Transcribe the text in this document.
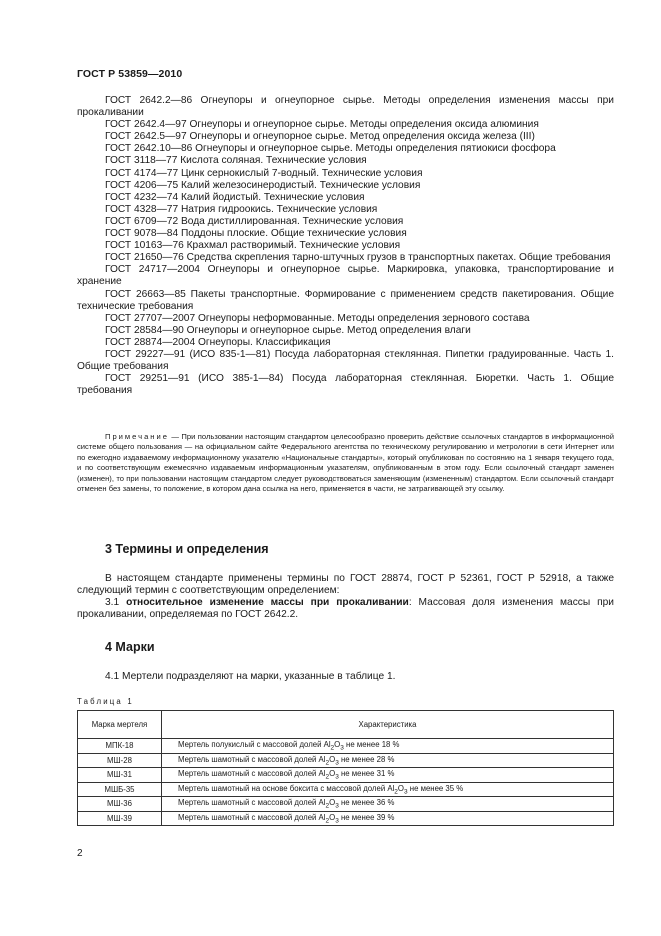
ГОСТ Р 53859—2010

ГОСТ 2642.2—86 Огнеупоры и огнеупорное сырье. Методы определения изменения массы при прокаливании

ГОСТ 2642.4—97 Огнеупоры и огнеупорное сырье. Методы определения оксида алюминия

ГОСТ 2642.5—97 Огнеупоры и огнеупорное сырье. Метод определения оксида железа (III)

ГОСТ 2642.10—86 Огнеупоры и огнеупорное сырье. Методы определения пятиокиси фосфора

ГОСТ 3118—77 Кислота соляная. Технические условия

ГОСТ 4174—77 Цинк сернокислый 7-водный. Технические условия

ГОСТ 4206—75 Калий железосинеродистый. Технические условия

ГОСТ 4232—74 Калий йодистый. Технические условия

ГОСТ 4328—77 Натрия гидроокись. Технические условия

ГОСТ 6709—72 Вода дистиллированная. Технические условия

ГОСТ 9078—84 Поддоны плоские. Общие технические условия

ГОСТ 10163—76 Крахмал растворимый. Технические условия

ГОСТ 21650—76 Средства скрепления тарно-штучных грузов в транспортных пакетах. Общие требования

ГОСТ 24717—2004 Огнеупоры и огнеупорное сырье. Маркировка, упаковка, транспортирование и хранение

ГОСТ 26663—85 Пакеты транспортные. Формирование с применением средств пакетирования. Общие технические требования

ГОСТ 27707—2007 Огнеупоры неформованные. Методы определения зернового состава

ГОСТ 28584—90 Огнеупоры и огнеупорное сырье. Метод определения влаги

ГОСТ 28874—2004 Огнеупоры. Классификация

ГОСТ 29227—91 (ИСО 835-1—81) Посуда лабораторная стеклянная. Пипетки градуированные. Часть 1. Общие требования

ГОСТ 29251—91 (ИСО 385-1—84) Посуда лабораторная стеклянная. Бюретки. Часть 1. Общие требования

Примечание — При пользовании настоящим стандартом целесообразно проверить действие ссылочных стандартов в информационной системе общего пользования — на официальном сайте Федерального агентства по техническому регулированию и метрологии в сети Интернет или по ежегодно издаваемому информационному указателю «Национальные стандарты», который опубликован по состоянию на 1 января текущего года, и по соответствующим ежемесячно издаваемым информационным указателям, опубликованным в этом году. Если ссылочный стандарт заменен (изменен), то при пользовании настоящим стандартом следует руководствоваться заменяющим (измененным) стандартом. Если ссылочный стандарт отменен без замены, то положение, в котором дана ссылка на него, применяется в части, не затрагивающей эту ссылку.

3 Термины и определения

В настоящем стандарте применены термины по ГОСТ 28874, ГОСТ Р 52361, ГОСТ Р 52918, а также следующий термин с соответствующим определением:

3.1 относительное изменение массы при прокаливании: Массовая доля изменения массы при прокаливании, определяемая по ГОСТ 2642.2.

4 Марки

4.1 Мертели подразделяют на марки, указанные в таблице 1.

Таблица 1

Марка мертеля	Характеристика
МПК-18	Мертель полукислый с массовой долей $Al_2O_3$ не менее 18 %
МШ-28	Мертель шамотный с массовой долей $Al_2O_3$ не менее 28 %
МШ-31	Мертель шамотный с массовой долей $Al_2O_3$ не менее 31 %
МШБ-35	Мертель шамотный на основе боксита с массовой долей $Al_2O_3$ не менее 35 %
МШ-36	Мертель шамотный с массовой долей $Al_2O_3$ не менее 36 %
МШ-39	Мертель шамотный с массовой долей $Al_2O_3$ не менее 39 %
2
